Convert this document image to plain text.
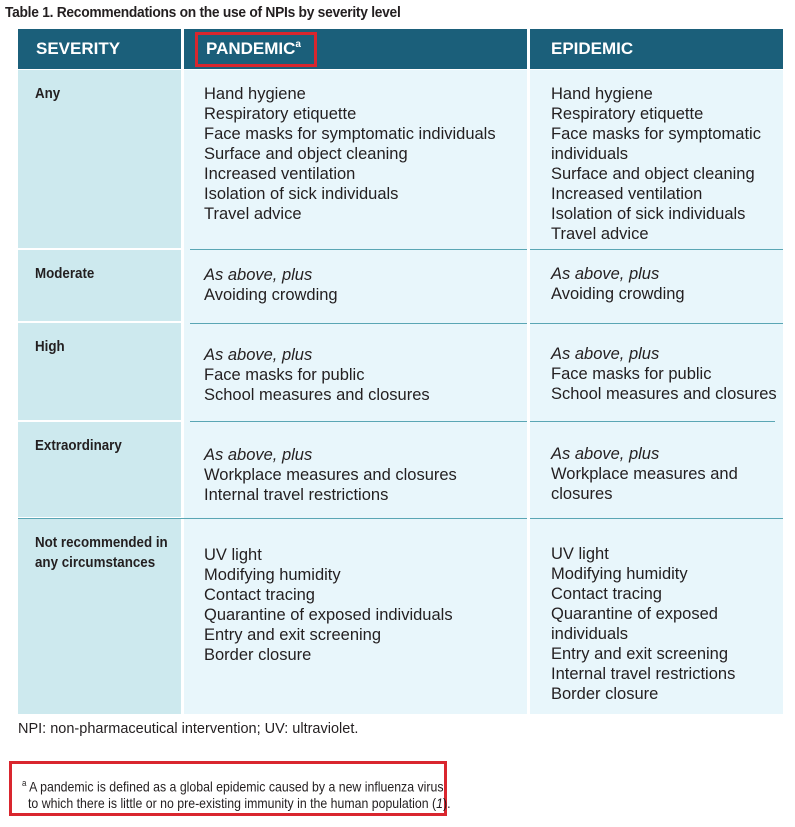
Table 1. Recommendations on the use of NPIs by severity level
SEVERITY	PANDEMIC$^a$	EPIDEMIC
Any
Moderate
High
Extraordinary
Not recommended in
any circumstances
Hand hygiene
Respiratory etiquette
Face masks for symptomatic individuals
Surface and object cleaning
Increased ventilation
Isolation of sick individuals
Travel advice
Hand hygiene
Respiratory etiquette
Face masks for symptomatic
individuals
Surface and object cleaning
Increased ventilation
Isolation of sick individuals
Travel advice
As above, plus
Avoiding crowding
As above, plus
Avoiding crowding
As above, plus
Face masks for public
School measures and closures
As above, plus
Face masks for public
School measures and closures
As above, plus
Workplace measures and closures
Internal travel restrictions
As above, plus
Workplace measures and
closures
UV light
Modifying humidity
Contact tracing
Quarantine of exposed individuals
Entry and exit screening
Border closure
UV light
Modifying humidity
Contact tracing
Quarantine of exposed
individuals
Entry and exit screening
Internal travel restrictions
Border closure
NPI: non-pharmaceutical intervention; UV: ultraviolet.
$^a$ A pandemic is defined as a global epidemic caused by a new influenza virus
to which there is little or no pre-existing immunity in the human population (1).
